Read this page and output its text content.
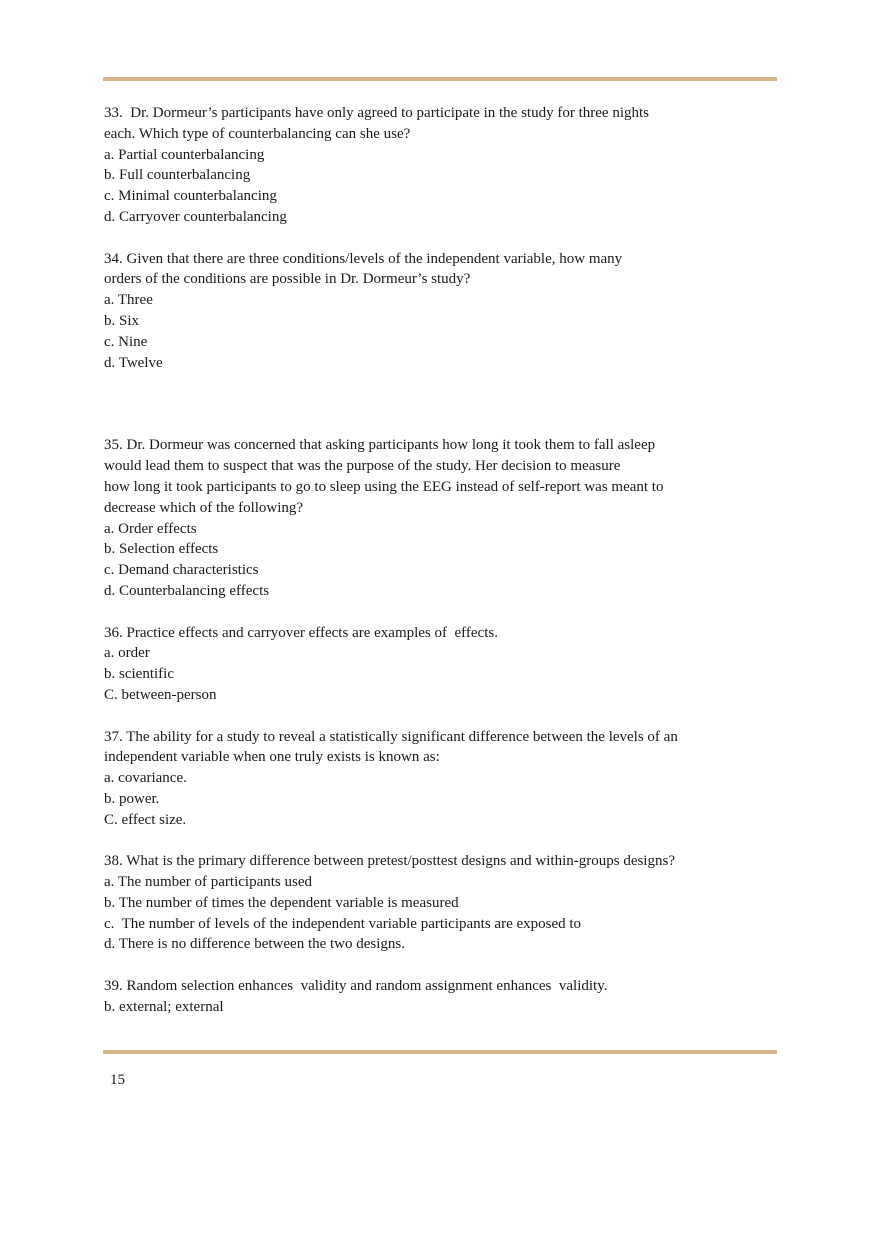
33.  Dr. Dormeur’s participants have only agreed to participate in the study for three nights

each. Which type of counterbalancing can she use?

a. Partial counterbalancing

b. Full counterbalancing

c. Minimal counterbalancing

d. Carryover counterbalancing

34. Given that there are three conditions/levels of the independent variable, how many

orders of the conditions are possible in Dr. Dormeur’s study?

a. Three

b. Six

c. Nine

d. Twelve

35. Dr. Dormeur was concerned that asking participants how long it took them to fall asleep

would lead them to suspect that was the purpose of the study. Her decision to measure

how long it took participants to go to sleep using the EEG instead of self-report was meant to

decrease which of the following?

a. Order effects

b. Selection effects

c. Demand characteristics

d. Counterbalancing effects

36. Practice effects and carryover effects are examples of  effects.

a. order

b. scientific

C. between-person

37. The ability for a study to reveal a statistically significant difference between the levels of an

independent variable when one truly exists is known as:

a. covariance.

b. power.

C. effect size.

38. What is the primary difference between pretest/posttest designs and within-groups designs?

a. The number of participants used

b. The number of times the dependent variable is measured

c.  The number of levels of the independent variable participants are exposed to

d. There is no difference between the two designs.

39. Random selection enhances  validity and random assignment enhances  validity.

b. external; external

15
